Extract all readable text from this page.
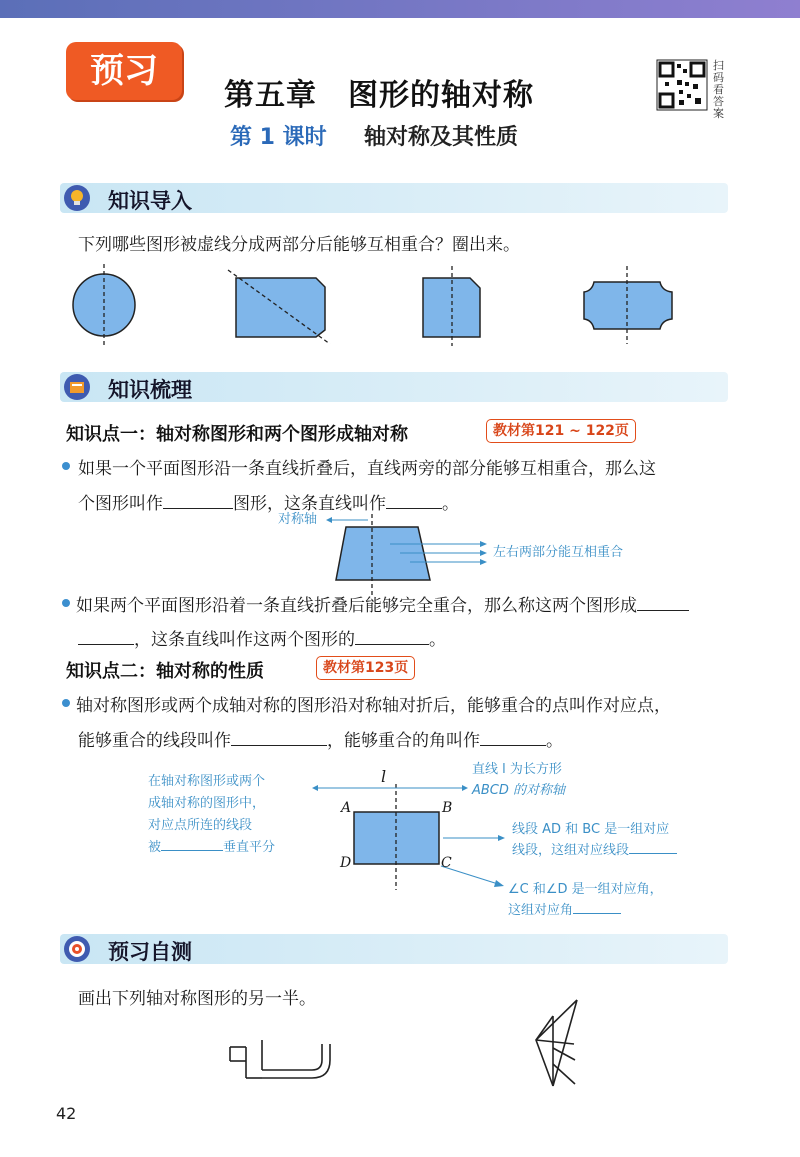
预习
第五章　图形的轴对称
第 1 课时 轴对称及其性质
扫码看答案
知识导入
下列哪些图形被虚线分成两部分后能够互相重合？圈出来。
知识梳理
知识点一：轴对称图形和两个图形成轴对称	教材第121 ~ 122页
如果一个平面图形沿一条直线折叠后，直线两旁的部分能够互相重合，那么这
个图形叫作	图形，这条直线叫作	。
对称轴
左右两部分能互相重合
如果两个平面图形沿着一条直线折叠后能够完全重合，那么称这两个图形成
，这条直线叫作这两个图形的	。
知识点二：轴对称的性质	教材第123页
轴对称图形或两个成轴对称的图形沿对称轴对折后，能够重合的点叫作对应点，
能够重合的线段叫作	，能够重合的角叫作	。
l
A	B
C
D
在轴对称图形或两个
成轴对称的图形中，
对应点所连的线段
被	垂直平分
直线 l 为长方形
ABCD 的对称轴
线段 AD 和 BC 是一组对应
线段，这组对应线段
∠C 和∠D 是一组对应角，
这组对应角
预习自测
画出下列轴对称图形的另一半。
42
